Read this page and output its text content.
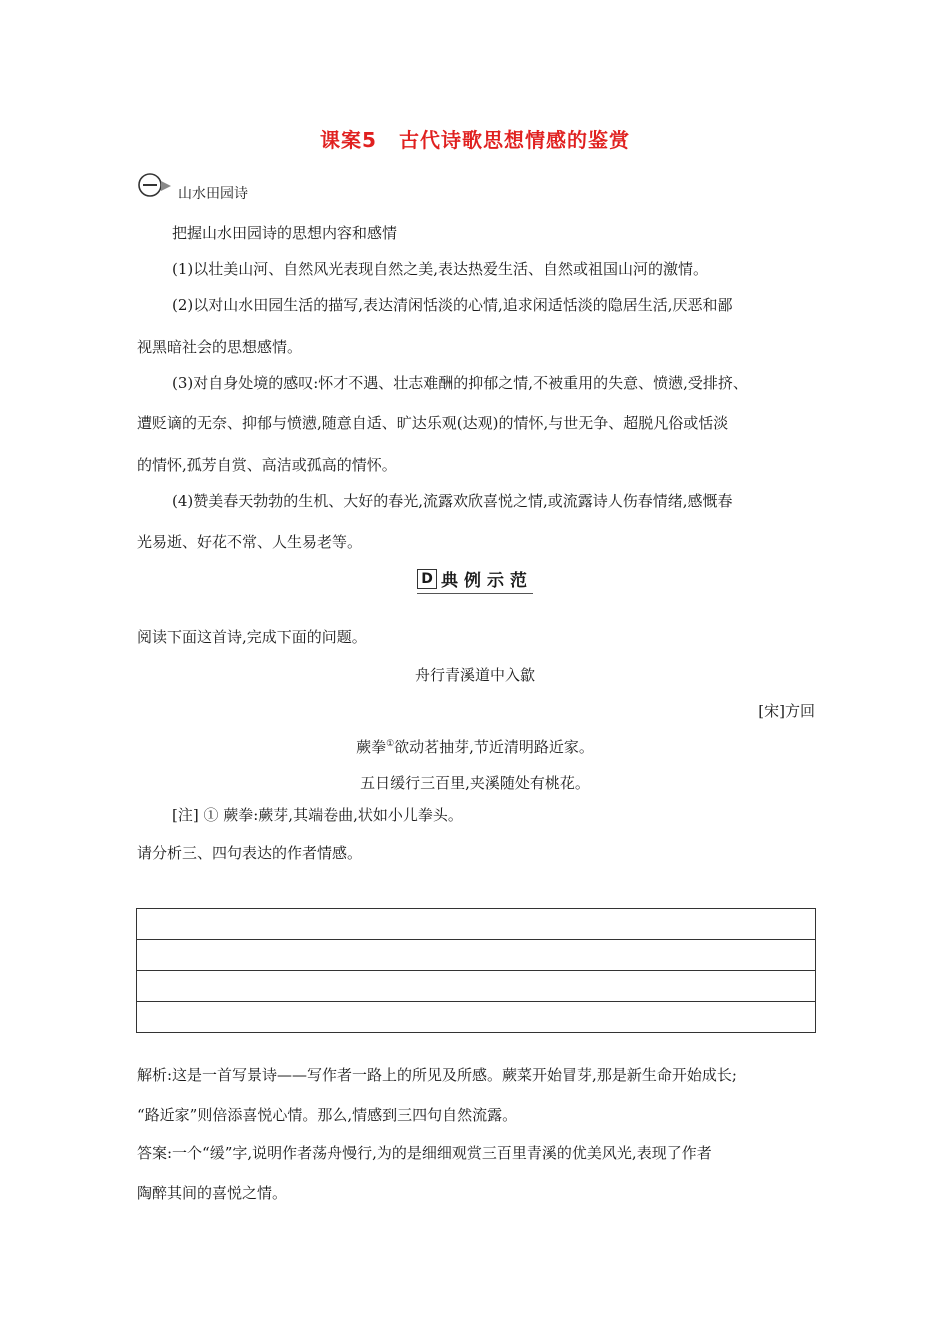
课案5 古代诗歌思想情感的鉴赏
山水田园诗
把握山水田园诗的思想内容和感情
(1)以壮美山河、自然风光表现自然之美,表达热爱生活、自然或祖国山河的激情。
(2)以对山水田园生活的描写,表达清闲恬淡的心情,追求闲适恬淡的隐居生活,厌恶和鄙
视黑暗社会的思想感情。
(3)对自身处境的感叹:怀才不遇、壮志难酬的抑郁之情,不被重用的失意、愤懑,受排挤、
遭贬谪的无奈、抑郁与愤懑,随意自适、旷达乐观(达观)的情怀,与世无争、超脱凡俗或恬淡
的情怀,孤芳自赏、高洁或孤高的情怀。
(4)赞美春天勃勃的生机、大好的春光,流露欢欣喜悦之情,或流露诗人伤春情绪,感慨春
光易逝、好花不常、人生易老等。
D 典例示范
阅读下面这首诗,完成下面的问题。
舟行青溪道中入歙
[宋]方回
蕨拳①欲动茗抽芽,节近清明路近家。
五日缓行三百里,夹溪随处有桃花。
[注] ① 蕨拳:蕨芽,其端卷曲,状如小儿拳头。
请分析三、四句表达的作者情感。
解析:这是一首写景诗——写作者一路上的所见及所感。蕨菜开始冒芽,那是新生命开始成长;
“路近家”则倍添喜悦心情。那么,情感到三四句自然流露。
答案:一个“缓”字,说明作者荡舟慢行,为的是细细观赏三百里青溪的优美风光,表现了作者
陶醉其间的喜悦之情。
